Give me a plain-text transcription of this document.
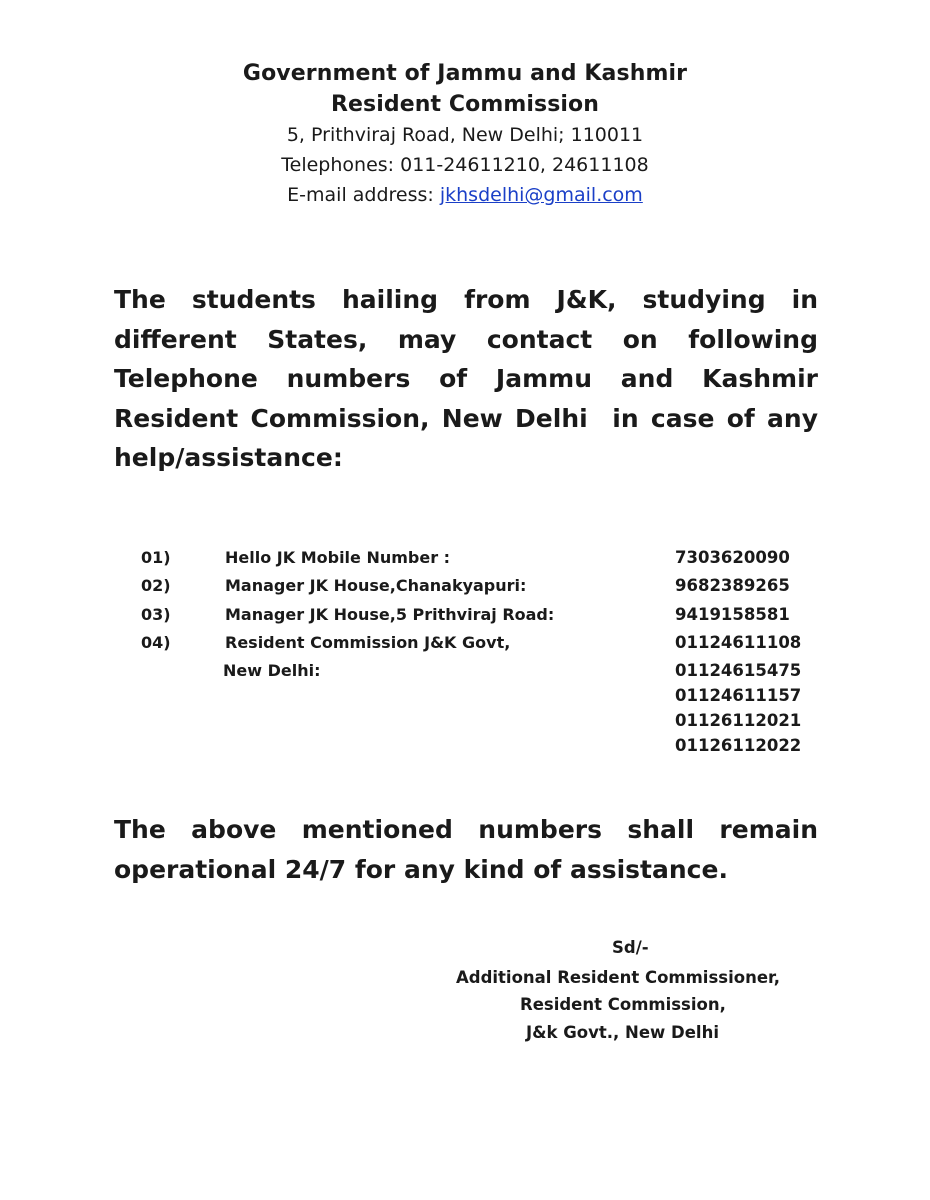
Government of Jammu and Kashmir
Resident Commission
5, Prithviraj Road, New Delhi; 110011
Telephones: 011-24611210, 24611108
E-mail address: jkhsdelhi@gmail.com
The students hailing from J&K, studying in
different States, may contact on following
Telephone numbers of Jammu and Kashmir
Resident Commission, New Delhi  in case of any
help/assistance:
01)	Hello JK Mobile Number :	7303620090
02)	Manager JK House,Chanakyapuri:	9682389265
03)	Manager JK House,5 Prithviraj Road:	9419158581
04)	Resident Commission J&K Govt,	01124611108
New Delhi:	01124615475
01124611157
01126112021
01126112022
The above mentioned numbers shall remain
operational 24/7 for any kind of assistance.
Sd/-
Additional Resident Commissioner,
Resident Commission,
J&k Govt., New Delhi
